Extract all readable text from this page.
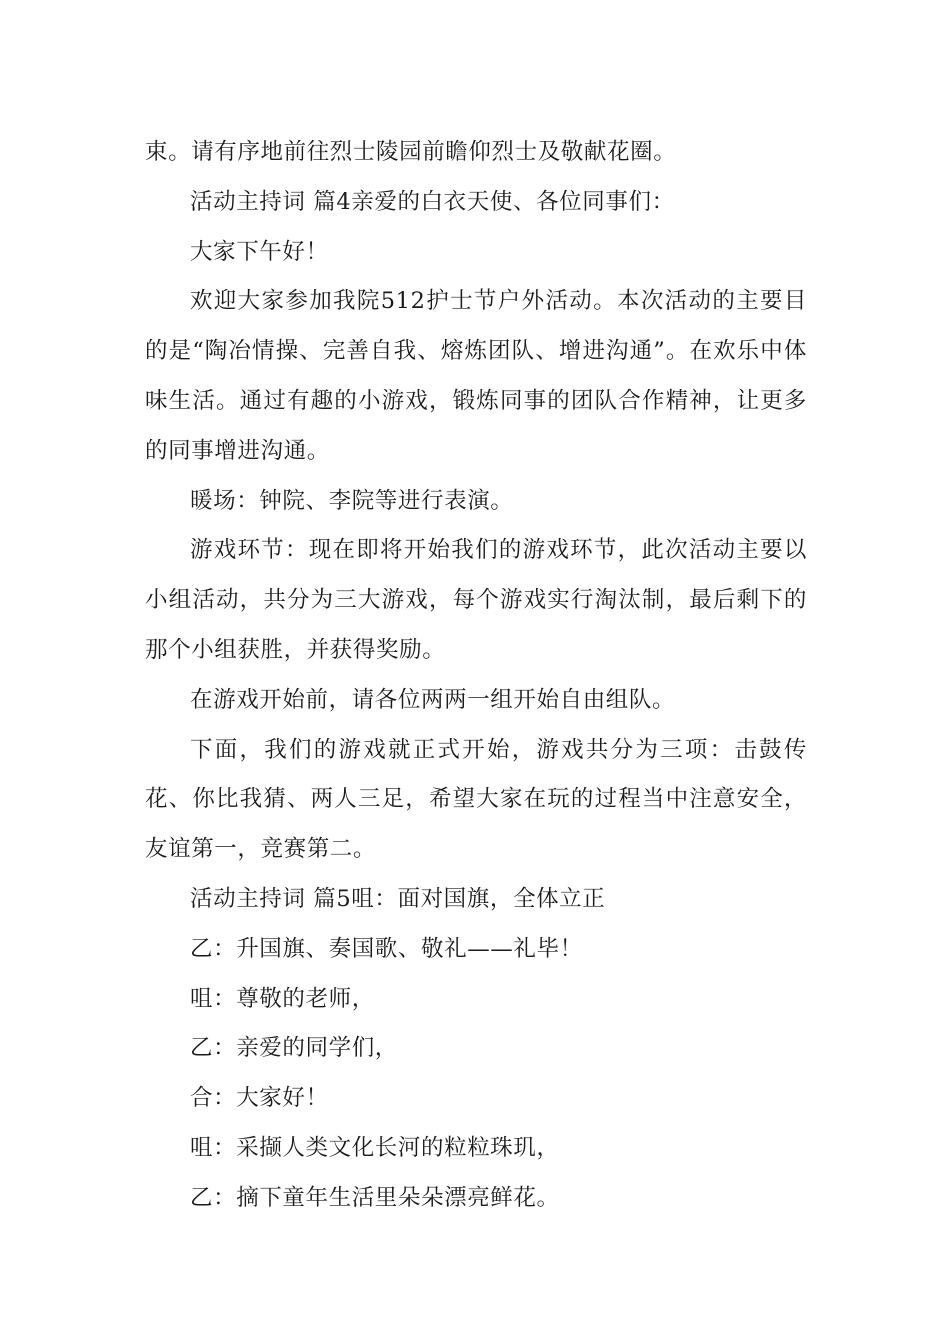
束。请有序地前往烈士陵园前瞻仰烈士及敬献花圈。

活动主持词 篇4亲爱的白衣天使、各位同事们：

大家下午好！

欢迎大家参加我院512护士节户外活动。本次活动的主要目的是“陶冶情操、完善自我、熔炼团队、增进沟通”。在欢乐中体味生活。通过有趣的小游戏，锻炼同事的团队合作精神，让更多的同事增进沟通。

暖场：钟院、李院等进行表演。

游戏环节：现在即将开始我们的游戏环节，此次活动主要以小组活动，共分为三大游戏，每个游戏实行淘汰制，最后剩下的那个小组获胜，并获得奖励。

在游戏开始前，请各位两两一组开始自由组队。

下面，我们的游戏就正式开始，游戏共分为三项：击鼓传花、你比我猜、两人三足，希望大家在玩的过程当中注意安全，友谊第一，竞赛第二。

活动主持词 篇5咀：面对国旗，全体立正

乙：升国旗、奏国歌、敬礼——礼毕！

咀：尊敬的老师，

乙：亲爱的同学们，

合：大家好！

咀：采撷人类文化长河的粒粒珠玑，

乙：摘下童年生活里朵朵漂亮鲜花。
